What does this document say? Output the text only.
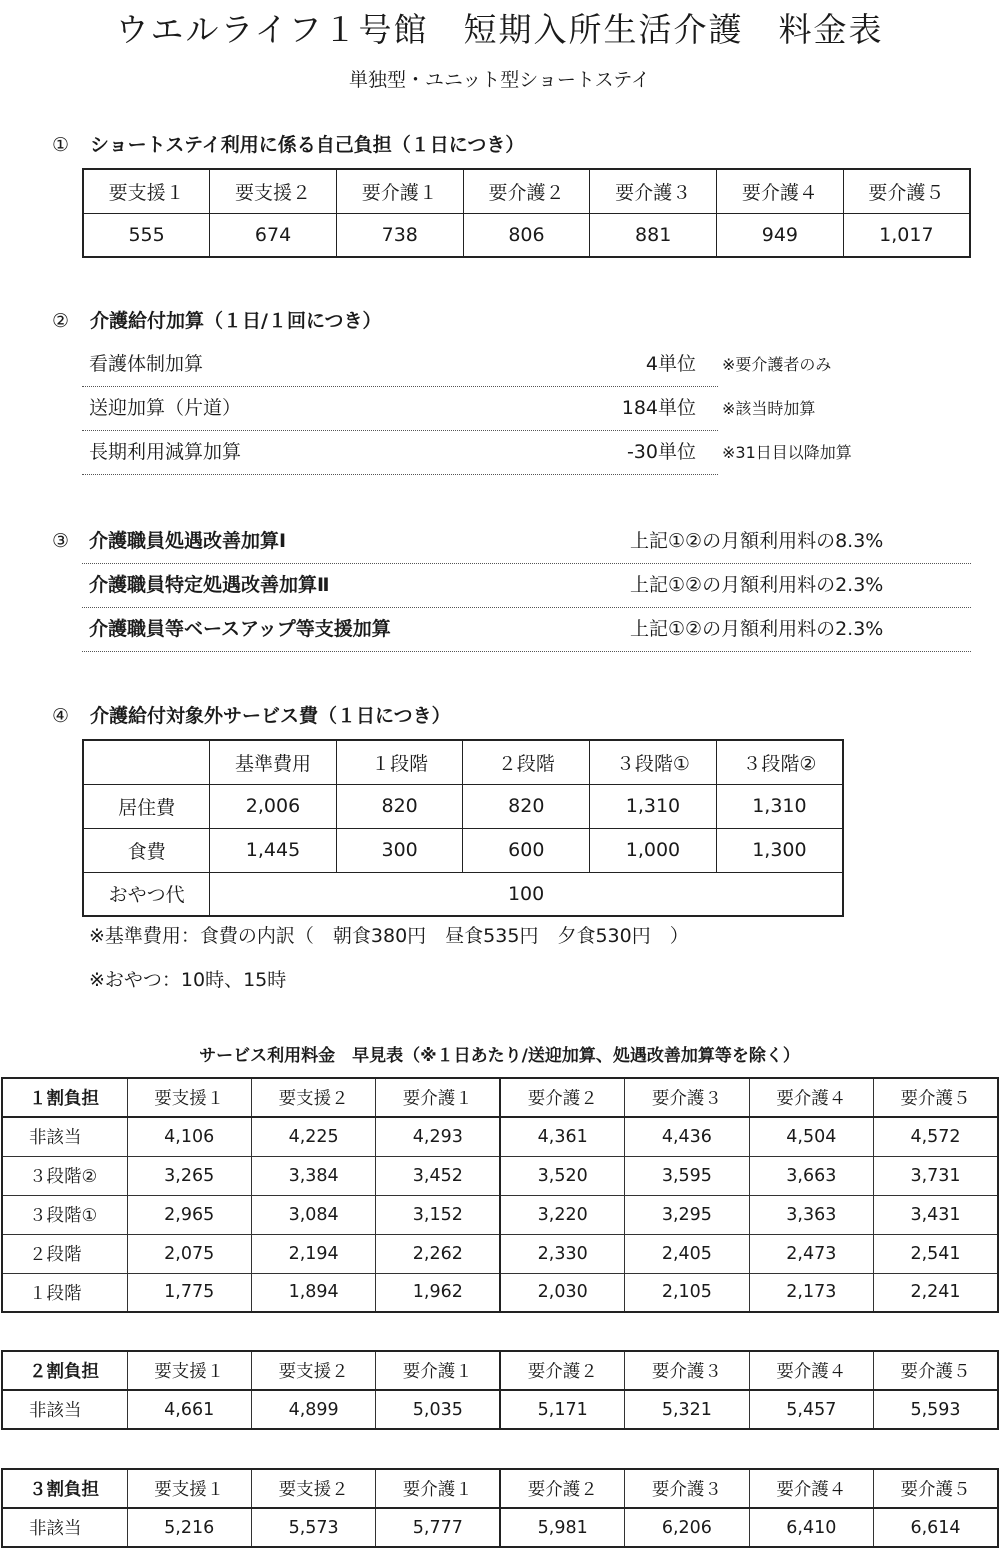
ウエルライフ１号館　短期入所生活介護　料金表
単独型・ユニット型ショートステイ
① ショートステイ利用に係る自己負担（１日につき）
要支援１	要支援２	要介護１	要介護２	要介護３	要介護４	要介護５
555	674	738	806	881	949	1,017
② 介護給付加算（１日/１回につき）
看護体制加算	4単位 ※要介護者のみ
送迎加算（片道）	184単位 ※該当時加算
長期利用減算加算	-30単位 ※31日目以降加算
③	介護職員処遇改善加算Ⅰ	上記①②の月額利用料の8.3%
介護職員特定処遇改善加算Ⅱ	上記①②の月額利用料の2.3%
介護職員等ベースアップ等支援加算	上記①②の月額利用料の2.3%
④ 介護給付対象外サービス費（１日につき）
	基準費用	１段階	２段階	３段階①	３段階②
居住費	2,006	820	820	1,310	1,310
食費	1,445	300	600	1,000	1,300
おやつ代	100				
※基準費用：食費の内訳（　朝食380円　昼食535円　夕食530円　）
※おやつ：10時、15時
サービス利用料金　早見表（※１日あたり/送迎加算、処遇改善加算等を除く）
１割負担	要支援１	要支援２	要介護１	要介護２	要介護３	要介護４	要介護５
非該当	4,106	4,225	4,293	4,361	4,436	4,504	4,572
３段階②	3,265	3,384	3,452	3,520	3,595	3,663	3,731
３段階①	2,965	3,084	3,152	3,220	3,295	3,363	3,431
２段階	2,075	2,194	2,262	2,330	2,405	2,473	2,541
１段階	1,775	1,894	1,962	2,030	2,105	2,173	2,241
２割負担	要支援１	要支援２	要介護１	要介護２	要介護３	要介護４	要介護５
非該当	4,661	4,899	5,035	5,171	5,321	5,457	5,593
３割負担	要支援１	要支援２	要介護１	要介護２	要介護３	要介護４	要介護５
非該当	5,216	5,573	5,777	5,981	6,206	6,410	6,614
